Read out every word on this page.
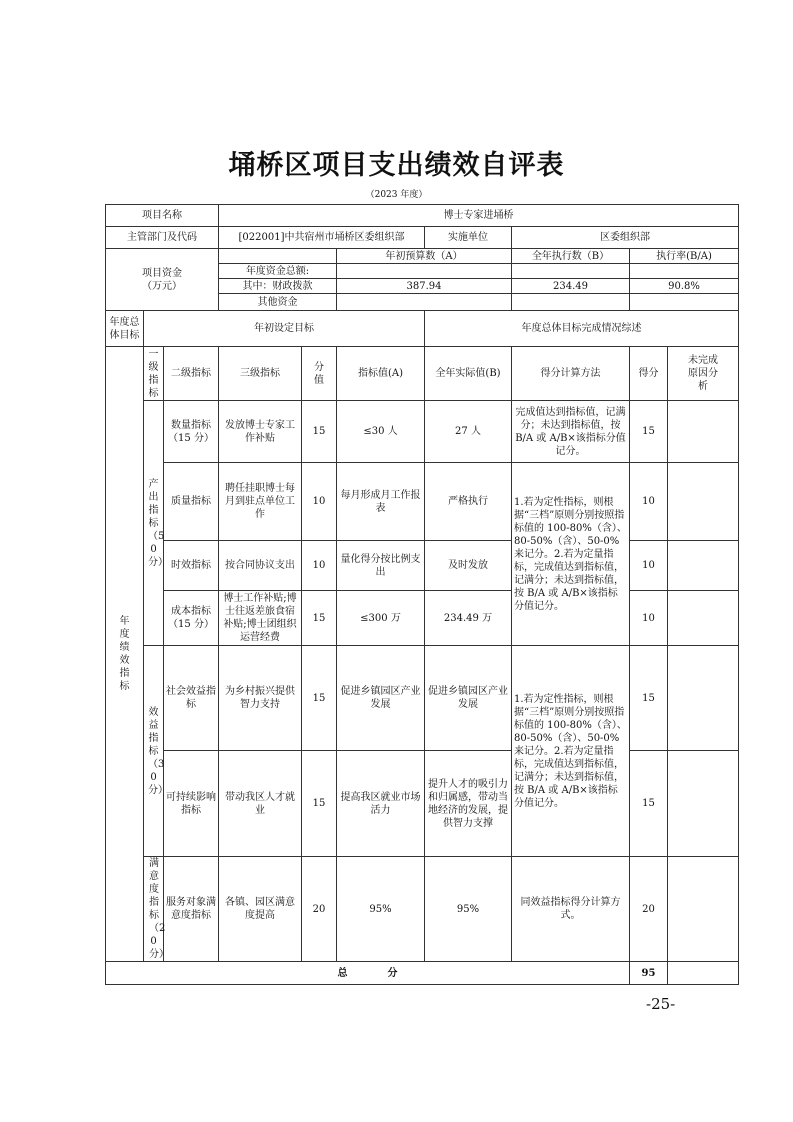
埇桥区项目支出绩效自评表
（2023 年度）
项目名称			博士专家进埇桥						
主管部门及代码			[022001]中共宿州市埇桥区委组织部			实施单位	区委组织部		

项目资金
（万元）					年初预算数（A）		全年执行数（B）	执行率(B/A)	
			年度资金总额:						
			其中：财政拨款		387.94		234.49	90.8%	
			其他资金						
年度总体目标	年初设定目标					年度总体目标完成情况综述			

年度绩效指标	一级指标	二级指标	三级指标	分值	指标值(A)	全年实际值(B)	得分计算方法	得分	未完成原因分析

	产出指标（50分）	数量指标（15 分）	发放博士专家工作补贴	15	≤30 人	27 人	完成值达到指标值，记满分；未达到指标值，按 B/A 或 A/B×该指标分值记分。	15	
		质量指标	聘任挂职博士每月到驻点单位工作	10	每月形成月工作报表	严格执行	1.若为定性指标，则根据“三档”原则分别按照指标值的 100-80%（含）、80-50%（含）、50-0%来记分。2.若为定量指标，完成值达到指标值，记满分；未达到指标值，按 B/A 或 A/B×该指标分值记分。	10	
		时效指标	按合同协议支出	10	量化得分按比例支出	及时发放		10	
		成本指标（15 分）	博士工作补贴;博士往返差旅食宿补贴;博士团组织运营经费	15	≤300 万	234.49 万		10	

	效益指标（30分）	社会效益指标	为乡村振兴提供智力支持	15	促进乡镇园区产业发展	促进乡镇园区产业发展	1.若为定性指标，则根据“三档”原则分别按照指标值的 100-80%（含）、80-50%（含）、50-0%来记分。2.若为定量指标，完成值达到指标值，记满分；未达到指标值，按 B/A 或 A/B×该指标分值记分。	15	
		可持续影响指标	带动我区人才就业	15	提高我区就业市场活力	提升人才的吸引力和归属感，带动当地经济的发展，提供智力支撑		15	

	满意度指标（20分）	服务对象满意度指标	各镇、园区满意度提高	20	95%	95%	同效益指标得分计算方式。	20	
总　　　　分								95	
-25-
